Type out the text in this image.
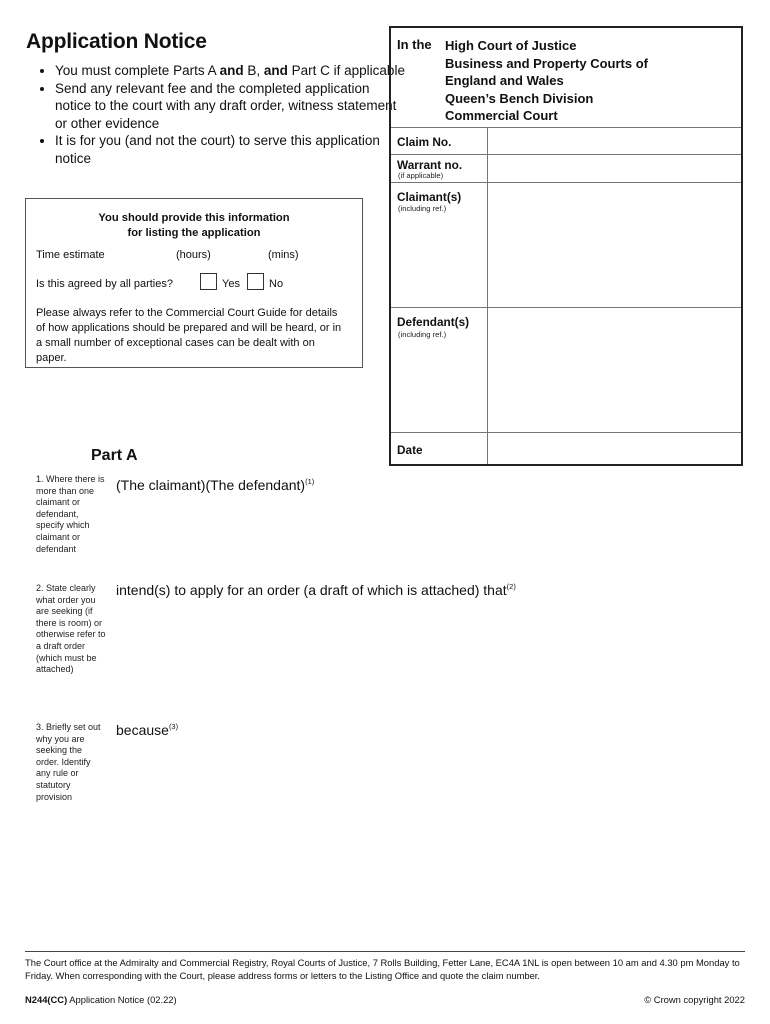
Application Notice
• You must complete Parts A and B, and Part C if applicable
• Send any relevant fee and the completed application notice to the court with any draft order, witness statement or other evidence
• It is for you (and not the court) to serve this application notice
You should provide this information
for listing the application
Time estimate	(hours)	(mins)
Is this agreed by all parties?	Yes	No
Please always refer to the Commercial Court Guide for details of how applications should be prepared and will be heard, or in a small number of exceptional cases can be dealt with on paper.
In the High Court of Justice
Business and Property Courts of
England and Wales
Queen’s Bench Division
Commercial Court
Claim No.
Warrant no.
(if applicable)
Claimant(s)
(including ref.)
Defendant(s)
(including ref.)
Date
Part A
1. Where there is more than one claimant or defendant, specify which claimant or defendant
(The claimant)(The defendant)$^{(1)}$
2. State clearly what order you are seeking (if there is room) or otherwise refer to a draft order (which must be attached)
intend(s) to apply for an order (a draft of which is attached) that$^{(2)}$
3. Briefly set out why you are seeking the order. Identify any rule or statutory provision
because$^{(3)}$
The Court office at the Admiralty and Commercial Registry, Royal Courts of Justice, 7 Rolls Building, Fetter Lane, EC4A 1NL is open between 10 am and 4.30 pm Monday to Friday. When corresponding with the Court, please address forms or letters to the Listing Office and quote the claim number.
N244(CC) Application Notice (02.22)	© Crown copyright 2022
